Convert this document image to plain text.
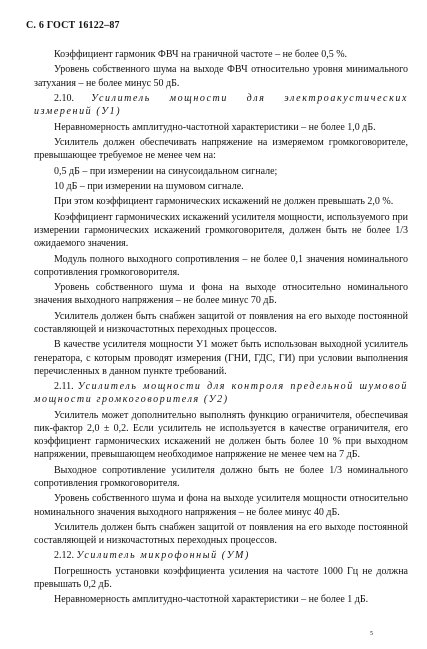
С. 6 ГОСТ 16122–87

Коэффициент гармоник ФВЧ на граничной частоте – не более 0,5 %.

Уровень собственного шума на выходе ФВЧ относительно уровня минимального затухания – не более минус 50 дБ.

2.10. Усилитель мощности для электроакустических измерений (У1)

Неравномерность амплитудно-частотной характеристики – не более 1,0 дБ.

Усилитель должен обеспечивать напряжение на измеряемом громкоговорителе, превышающее требуемое не менее чем на:

0,5 дБ – при измерении на синусоидальном сигнале;

10 дБ – при измерении на шумовом сигнале.

При этом коэффициент гармонических искажений не должен превышать 2,0 %.

Коэффициент гармонических искажений усилителя мощности, используемого при измерении гармонических искажений громкоговорителя, должен быть не более 1/3 ожидаемого значения.

Модуль полного выходного сопротивления – не более 0,1 значения номинального сопротивления громкоговорителя.

Уровень собственного шума и фона на выходе относительно номинального значения выходного напряжения – не более минус 70 дБ.

Усилитель должен быть снабжен защитой от появления на его выходе постоянной составляющей и низкочастотных переходных процессов.

В качестве усилителя мощности У1 может быть использован выходной усилитель генератора, с которым проводят измерения (ГНИ, ГДС, ГИ) при условии выполнения перечисленных в данном пункте требований.

2.11. Усилитель мощности для контроля предельной шумовой мощности громкоговорителя (У2)

Усилитель может дополнительно выполнять функцию ограничителя, обеспечивая пик-фактор 2,0 ± 0,2. Если усилитель не используется в качестве ограничителя, его коэффициент гармонических искажений не должен быть более 10 % при выходном напряжении, превышающем необходимое напряжение не менее чем на 7 дБ.

Выходное сопротивление усилителя должно быть не более 1/3 номинального сопротивления громкоговорителя.

Уровень собственного шума и фона на выходе усилителя мощности относительно номинального значения выходного напряжения – не более минус 40 дБ.

Усилитель должен быть снабжен защитой от появления на его выходе постоянной составляющей и низкочастотных переходных процессов.

2.12. Усилитель микрофонный (УМ)

Погрешность установки коэффициента усиления на частоте 1000 Гц не должна превышать 0,2 дБ.

Неравномерность амплитудно-частотной характеристики – не более 1 дБ.

5
